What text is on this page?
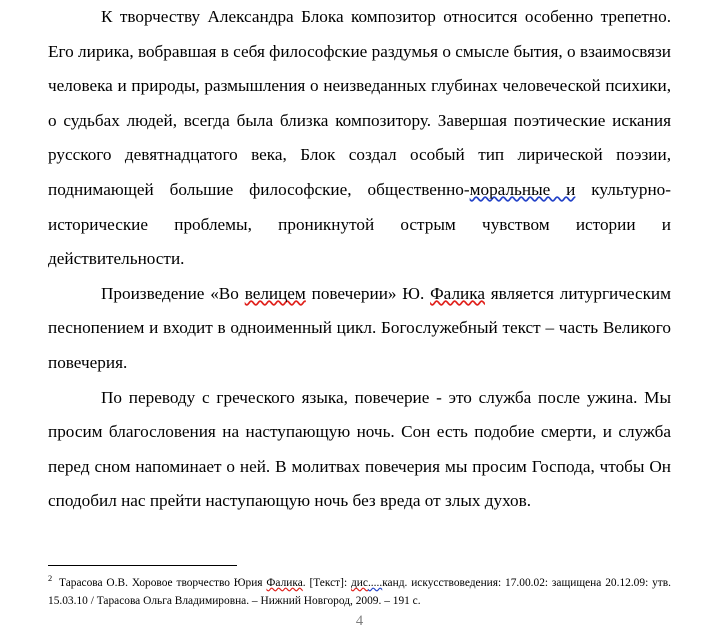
К творчеству Александра Блока композитор относится особенно трепетно. Его лирика, вобравшая в себя философские раздумья о смысле бытия, о взаимосвязи человека и природы, размышления о неизведанных глубинах человеческой психики, о судьбах людей, всегда была близка композитору. Завершая поэтические искания русского девятнадцатого века, Блок создал особый тип лирической поэзии, поднимающей большие философские, общественно-моральные и культурно-исторические проблемы, проникнутой острым чувством истории и действительности.

Произведение «Во велицем повечерии» Ю. Фалика является литургическим песнопением и входит в одноименный цикл. Богослужебный текст – часть Великого повечерия.

По переводу с греческого языка, повечерие - это служба после ужина. Мы просим благословения на наступающую ночь. Сон есть подобие смерти, и служба перед сном напоминает о ней. В молитвах повечерия мы просим Господа, чтобы Он сподобил нас прейти наступающую ночь без вреда от злых духов.

$^2$ Тарасова О.В. Хоровое творчество Юрия Фалика. [Текст]: дис.....канд. искусствоведения: 17.00.02: защищена 20.12.09: утв. 15.03.10 / Тарасова Ольга Владимировна. – Нижний Новгород, 2009. – 191 с.

4
